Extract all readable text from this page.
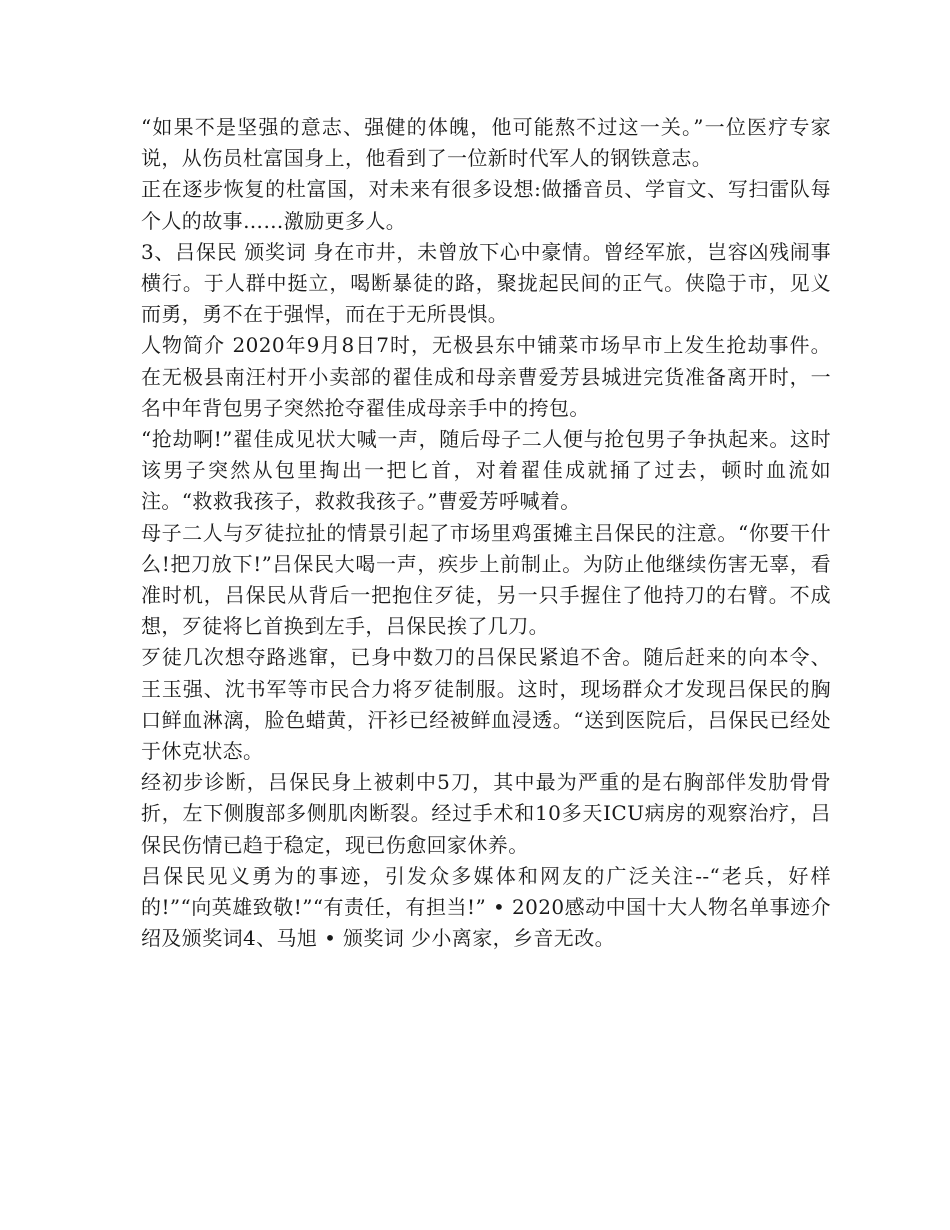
“如果不是坚强的意志、强健的体魄，他可能熬不过这一关。”一位医疗专家说，从伤员杜富国身上，他看到了一位新时代军人的钢铁意志。

正在逐步恢复的杜富国，对未来有很多设想:做播音员、学盲文、写扫雷队每个人的故事……激励更多人。

3、吕保民 颁奖词 身在市井，未曾放下心中豪情。曾经军旅，岂容凶残闹事横行。于人群中挺立，喝断暴徒的路，聚拢起民间的正气。侠隐于市，见义而勇，勇不在于强悍，而在于无所畏惧。

人物简介 2020年9月8日7时，无极县东中铺菜市场早市上发生抢劫事件。在无极县南汪村开小卖部的翟佳成和母亲曹爱芳县城进完货准备离开时，一名中年背包男子突然抢夺翟佳成母亲手中的挎包。

“抢劫啊!”翟佳成见状大喊一声，随后母子二人便与抢包男子争执起来。这时该男子突然从包里掏出一把匕首，对着翟佳成就捅了过去，顿时血流如注。“救救我孩子，救救我孩子。”曹爱芳呼喊着。

母子二人与歹徒拉扯的情景引起了市场里鸡蛋摊主吕保民的注意。“你要干什么!把刀放下!”吕保民大喝一声，疾步上前制止。为防止他继续伤害无辜，看准时机，吕保民从背后一把抱住歹徒，另一只手握住了他持刀的右臂。不成想，歹徒将匕首换到左手，吕保民挨了几刀。

歹徒几次想夺路逃窜，已身中数刀的吕保民紧追不舍。随后赶来的向本令、王玉强、沈书军等市民合力将歹徒制服。这时，现场群众才发现吕保民的胸口鲜血淋漓，脸色蜡黄，汗衫已经被鲜血浸透。“送到医院后，吕保民已经处于休克状态。

经初步诊断，吕保民身上被刺中5刀，其中最为严重的是右胸部伴发肋骨骨折，左下侧腹部多侧肌肉断裂。经过手术和10多天ICU病房的观察治疗，吕保民伤情已趋于稳定，现已伤愈回家休养。

吕保民见义勇为的事迹，引发众多媒体和网友的广泛关注--“老兵，好样的!”“向英雄致敬!”“有责任，有担当!” • 2020感动中国十大人物名单事迹介绍及颁奖词4、马旭 • 颁奖词 少小离家，乡音无改。
